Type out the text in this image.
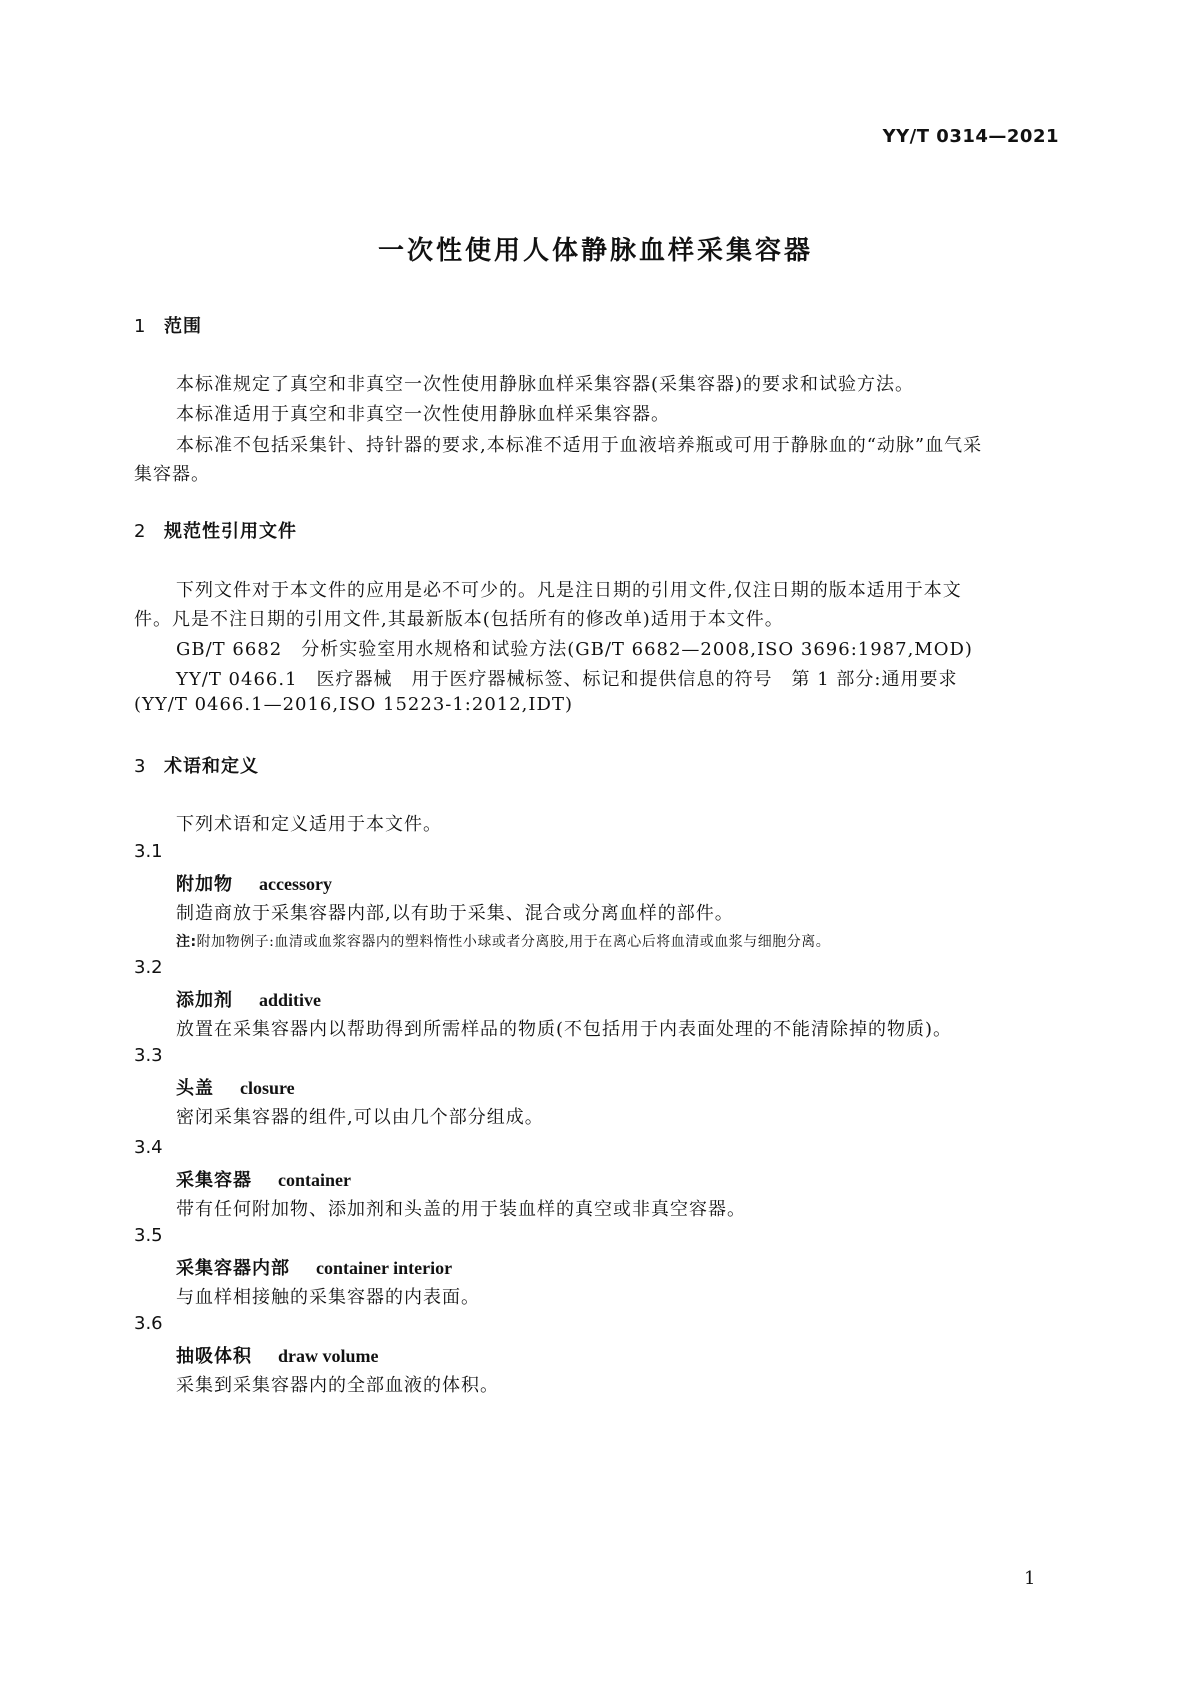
YY/T 0314—2021
一次性使用人体静脉血样采集容器
1 范围
本标准规定了真空和非真空一次性使用静脉血样采集容器(采集容器)的要求和试验方法。
本标准适用于真空和非真空一次性使用静脉血样采集容器。
本标准不包括采集针、持针器的要求,本标准不适用于血液培养瓶或可用于静脉血的“动脉”血气采
集容器。
2 规范性引用文件
下列文件对于本文件的应用是必不可少的。凡是注日期的引用文件,仅注日期的版本适用于本文
件。凡是不注日期的引用文件,其最新版本(包括所有的修改单)适用于本文件。
GB/T 6682　分析实验室用水规格和试验方法(GB/T 6682—2008,ISO 3696:1987,MOD)
YY/T 0466.1　医疗器械　用于医疗器械标签、标记和提供信息的符号　第 1 部分:通用要求
(YY/T 0466.1—2016,ISO 15223-1:2012,IDT)
3 术语和定义
下列术语和定义适用于本文件。
3.1
附加物 accessory
制造商放于采集容器内部,以有助于采集、混合或分离血样的部件。
注:附加物例子:血清或血浆容器内的塑料惰性小球或者分离胶,用于在离心后将血清或血浆与细胞分离。
3.2
添加剂 additive
放置在采集容器内以帮助得到所需样品的物质(不包括用于内表面处理的不能清除掉的物质)。
3.3
头盖 closure
密闭采集容器的组件,可以由几个部分组成。
3.4
采集容器 container
带有任何附加物、添加剂和头盖的用于装血样的真空或非真空容器。
3.5
采集容器内部 container interior
与血样相接触的采集容器的内表面。
3.6
抽吸体积 draw volume
采集到采集容器内的全部血液的体积。
1
